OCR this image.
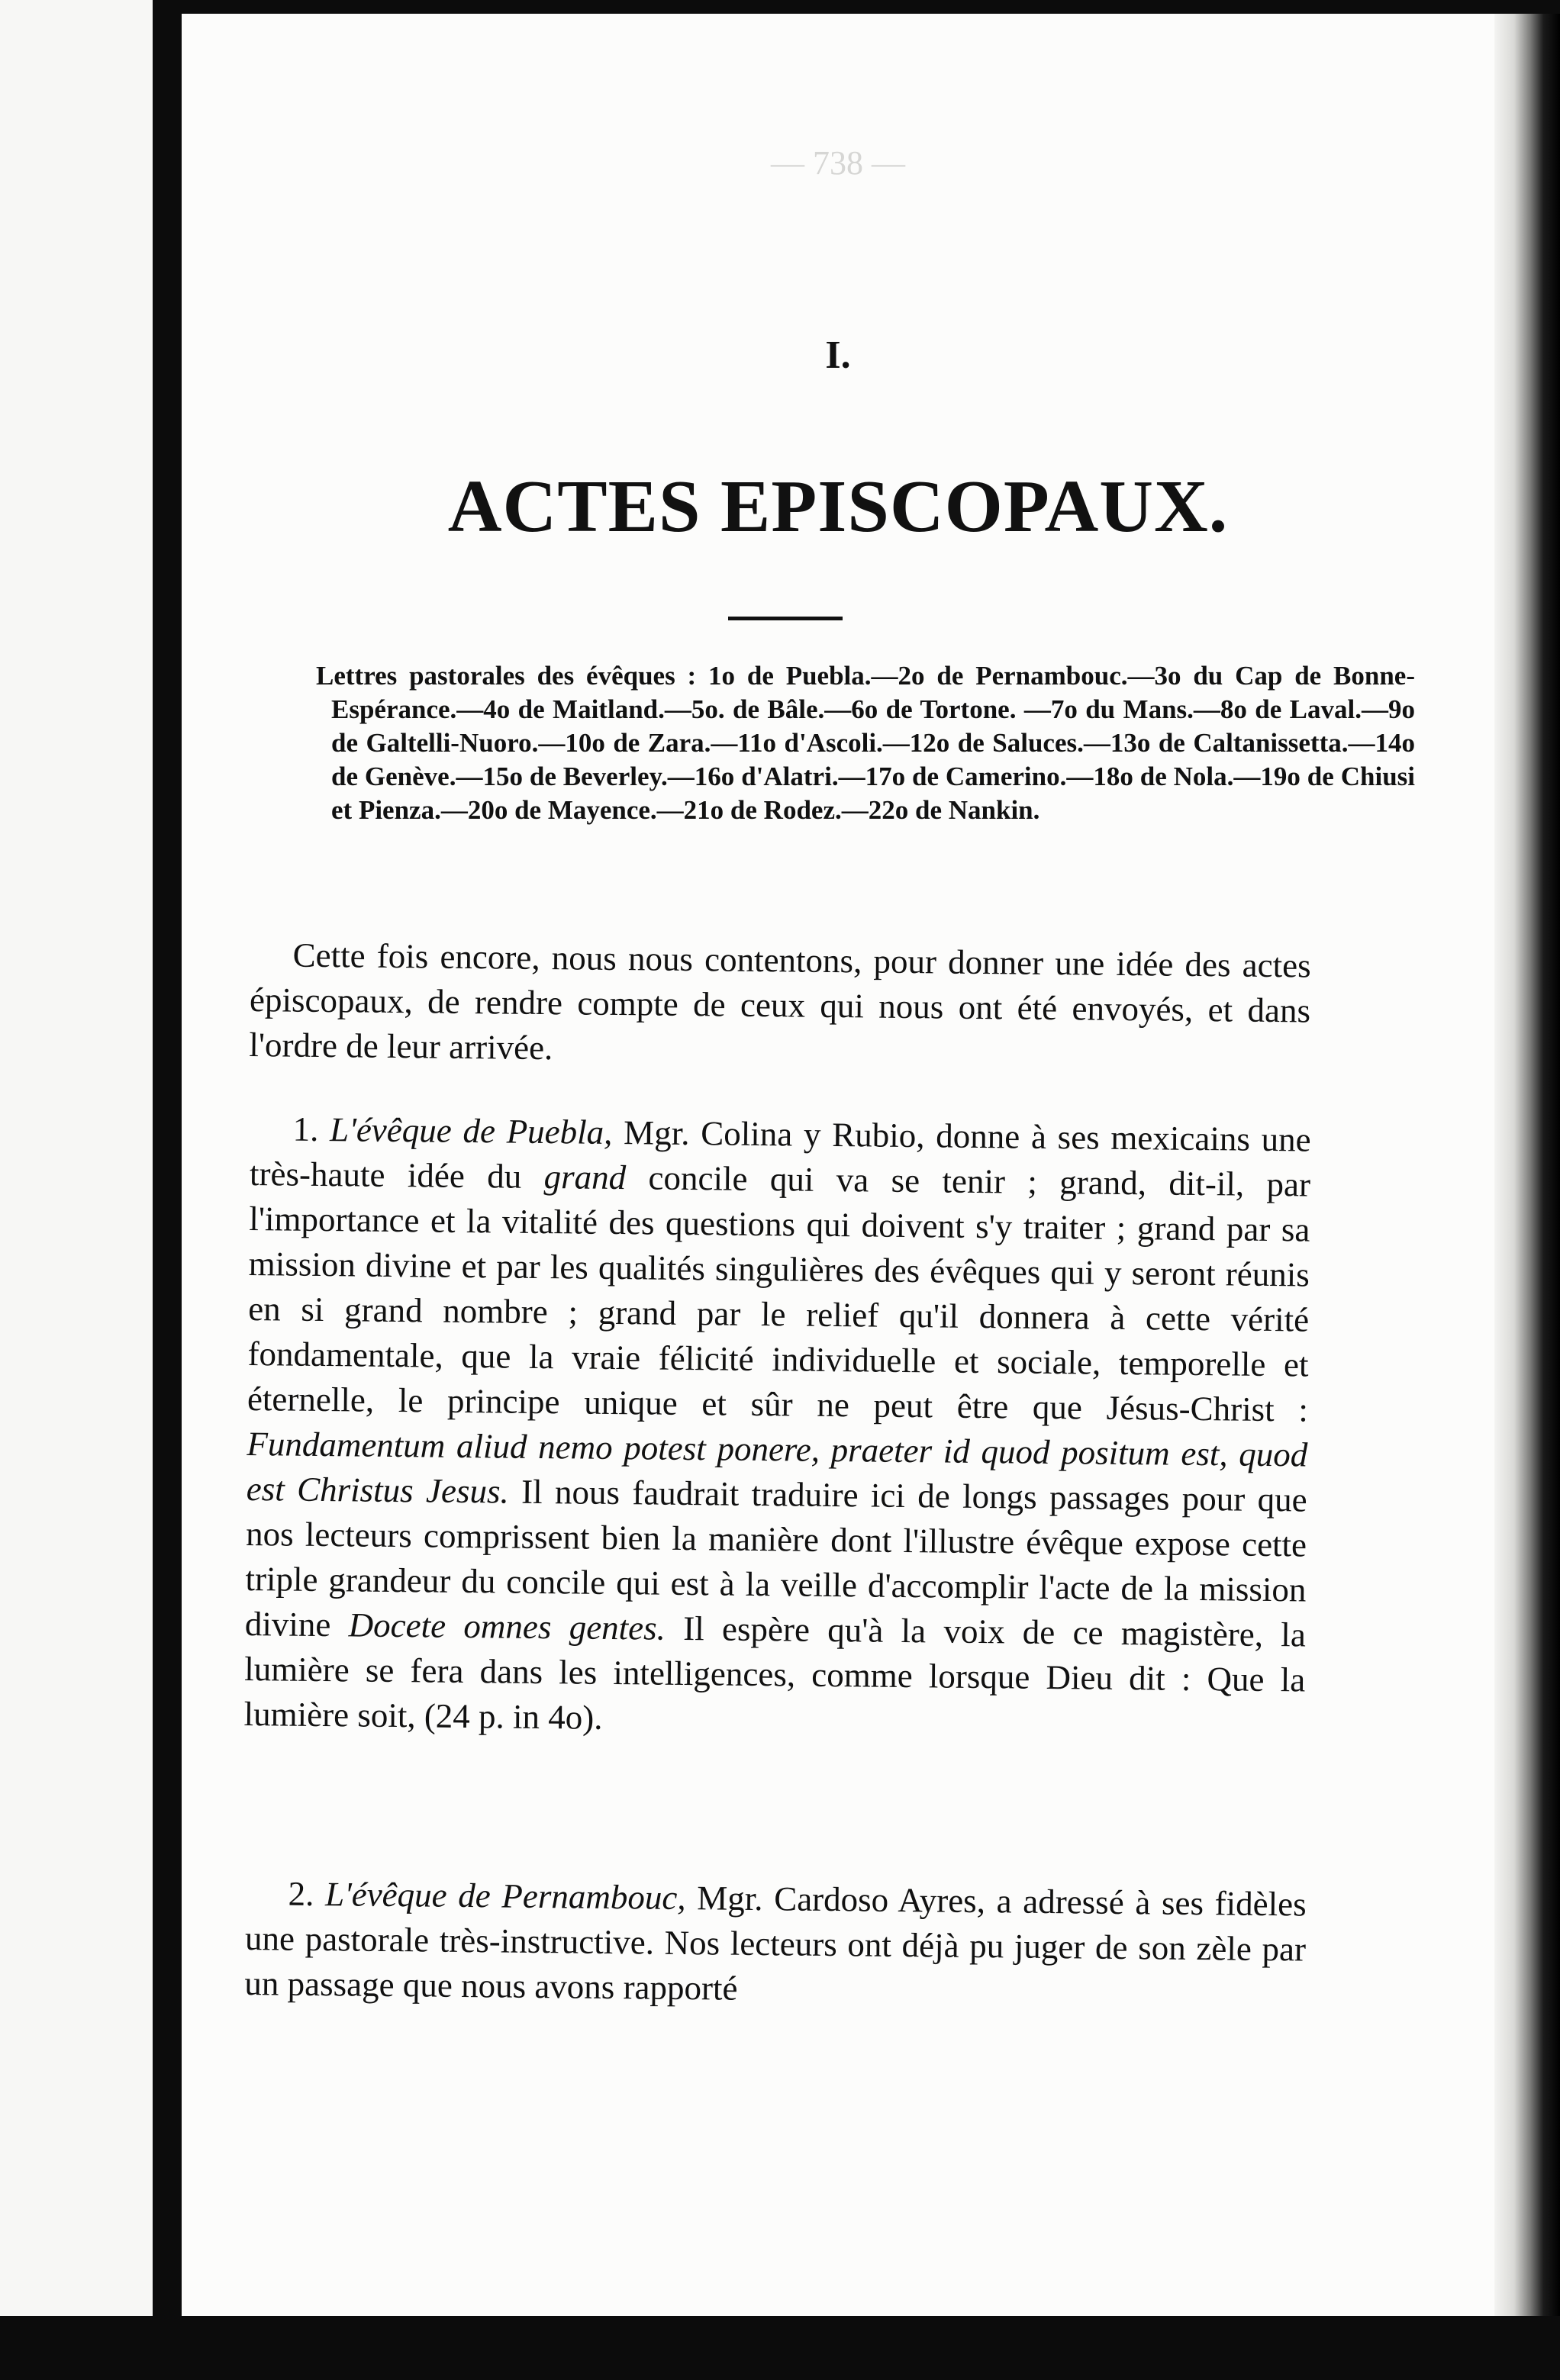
— 738 —
I.
ACTES EPISCOPAUX.
Lettres pastorales des évêques : 1o de Puebla.—2o de Pernambouc.—3o du Cap de Bonne-Espérance.—4o de Maitland.—5o. de Bâle.—6o de Tortone. —7o du Mans.—8o de Laval.—9o de Galtelli-Nuoro.—10o de Zara.—11o d'Ascoli.—12o de Saluces.—13o de Caltanissetta.—14o de Genève.—15o de Beverley.—16o d'Alatri.—17o de Camerino.—18o de Nola.—19o de Chiusi et Pienza.—20o de Mayence.—21o de Rodez.—22o de Nankin.
Cette fois encore, nous nous contentons, pour donner une idée des actes épiscopaux, de rendre compte de ceux qui nous ont été envoyés, et dans l'ordre de leur arrivée.
1. L'évêque de Puebla, Mgr. Colina y Rubio, donne à ses mexicains une très-haute idée du grand concile qui va se tenir ; grand, dit-il, par l'importance et la vitalité des questions qui doivent s'y traiter ; grand par sa mission divine et par les qualités singulières des évêques qui y seront réunis en si grand nombre ; grand par le relief qu'il donnera à cette vérité fondamentale, que la vraie félicité individuelle et sociale, temporelle et éternelle, le principe unique et sûr ne peut être que Jésus-Christ : Fundamentum aliud nemo potest ponere, praeter id quod positum est, quod est Christus Jesus. Il nous faudrait traduire ici de longs passages pour que nos lecteurs comprissent bien la manière dont l'illustre évêque expose cette triple grandeur du concile qui est à la veille d'accomplir l'acte de la mission divine Docete omnes gentes. Il espère qu'à la voix de ce magistère, la lumière se fera dans les intelligences, comme lorsque Dieu dit : Que la lumière soit, (24 p. in 4o).
2. L'évêque de Pernambouc, Mgr. Cardoso Ayres, a adressé à ses fidèles une pastorale très-instructive. Nos lecteurs ont déjà pu juger de son zèle par un passage que nous avons rapporté
